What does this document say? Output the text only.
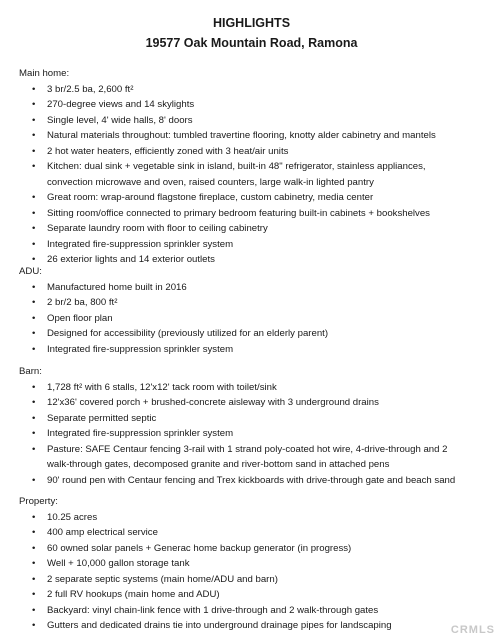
HIGHLIGHTS
19577 Oak Mountain Road, Ramona
Main home:
• 3 br/2.5 ba, 2,600 ft²
• 270-degree views and 14 skylights
• Single level, 4' wide halls, 8' doors
• Natural materials throughout: tumbled travertine flooring, knotty alder cabinetry and mantels
• 2 hot water heaters, efficiently zoned with 3 heat/air units
• Kitchen: dual sink + vegetable sink in island, built-in 48" refrigerator, stainless appliances,
convection microwave and oven, raised counters, large walk-in lighted pantry
• Great room: wrap-around flagstone fireplace, custom cabinetry, media center
• Sitting room/office connected to primary bedroom featuring built-in cabinets + bookshelves
• Separate laundry room with floor to ceiling cabinetry
• Integrated fire-suppression sprinkler system
• 26 exterior lights and 14 exterior outlets
ADU:
• Manufactured home built in 2016
• 2 br/2 ba, 800 ft²
• Open floor plan
• Designed for accessibility (previously utilized for an elderly parent)
• Integrated fire-suppression sprinkler system
Barn:
• 1,728 ft² with 6 stalls, 12'x12' tack room with toilet/sink
• 12'x36' covered porch + brushed-concrete aisleway with 3 underground drains
• Separate permitted septic
• Integrated fire-suppression sprinkler system
• Pasture: SAFE Centaur fencing 3-rail with 1 strand poly-coated hot wire, 4-drive-through and 2
walk-through gates, decomposed granite and river-bottom sand in attached pens
• 90' round pen with Centaur fencing and Trex kickboards with drive-through gate and beach sand
Property:
• 10.25 acres
• 400 amp electrical service
• 60 owned solar panels + Generac home backup generator (in progress)
• Well + 10,000 gallon storage tank
• 2 separate septic systems (main home/ADU and barn)
• 2 full RV hookups (main home and ADU)
• Backyard: vinyl chain-link fence with 1 drive-through and 2 walk-through gates
• Gutters and dedicated drains tie into underground drainage pipes for landscaping	CRMLS
